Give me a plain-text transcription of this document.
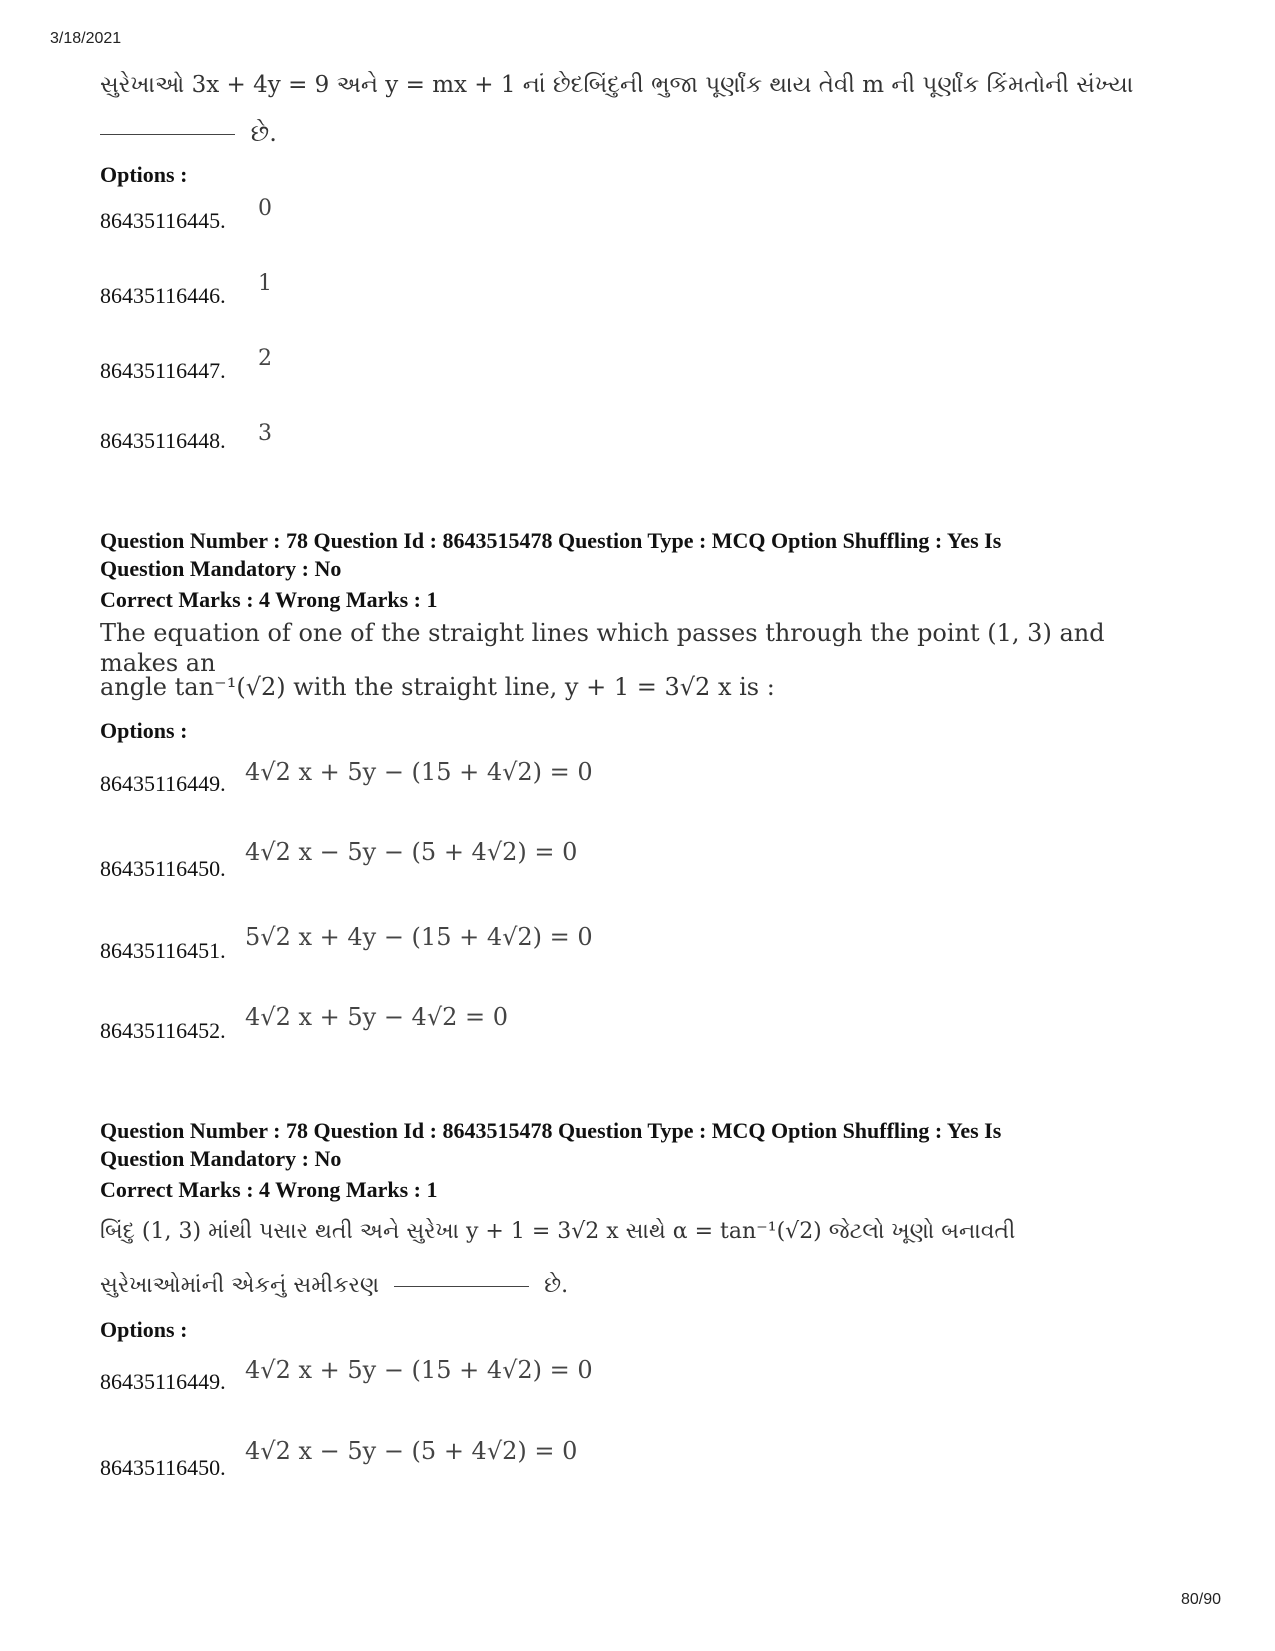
3/18/2021
સુરેખાઓ 3x + 4y = 9 અને y = mx + 1 નાં છેદબિંદુની ભુજા પૂર્ણાંક થાય તેવી m ની પૂર્ણાંક કિંમતોની સંખ્યા
છે.
Options :
86435116445. 0
86435116446. 1
86435116447. 2
86435116448. 3
Question Number : 78 Question Id : 8643515478 Question Type : MCQ Option Shuffling : Yes Is
Question Mandatory : No
Correct Marks : 4 Wrong Marks : 1
The equation of one of the straight lines which passes through the point (1, 3) and makes an
angle tan⁻¹(√2) with the straight line, y + 1 = 3√2 x is :
Options :
86435116449. 4√2 x + 5y − (15 + 4√2) = 0
86435116450.
4√2 x − 5y − (5 + 4√2) = 0
86435116451. 5√2 x + 4y − (15 + 4√2) = 0
86435116452. 4√2 x + 5y − 4√2 = 0
Question Number : 78 Question Id : 8643515478 Question Type : MCQ Option Shuffling : Yes Is
Question Mandatory : No
Correct Marks : 4 Wrong Marks : 1
બિંદુ (1, 3) માંથી પસાર થતી અને સુરેખા y + 1 = 3√2 x સાથે α = tan⁻¹(√2) જેટલો ખૂણો બનાવતી
સુરેખાઓમાંની એકનું સમીકરણ	છે.
Options :
86435116449. 4√2 x + 5y − (15 + 4√2) = 0
86435116450.
4√2 x − 5y − (5 + 4√2) = 0
80/90
